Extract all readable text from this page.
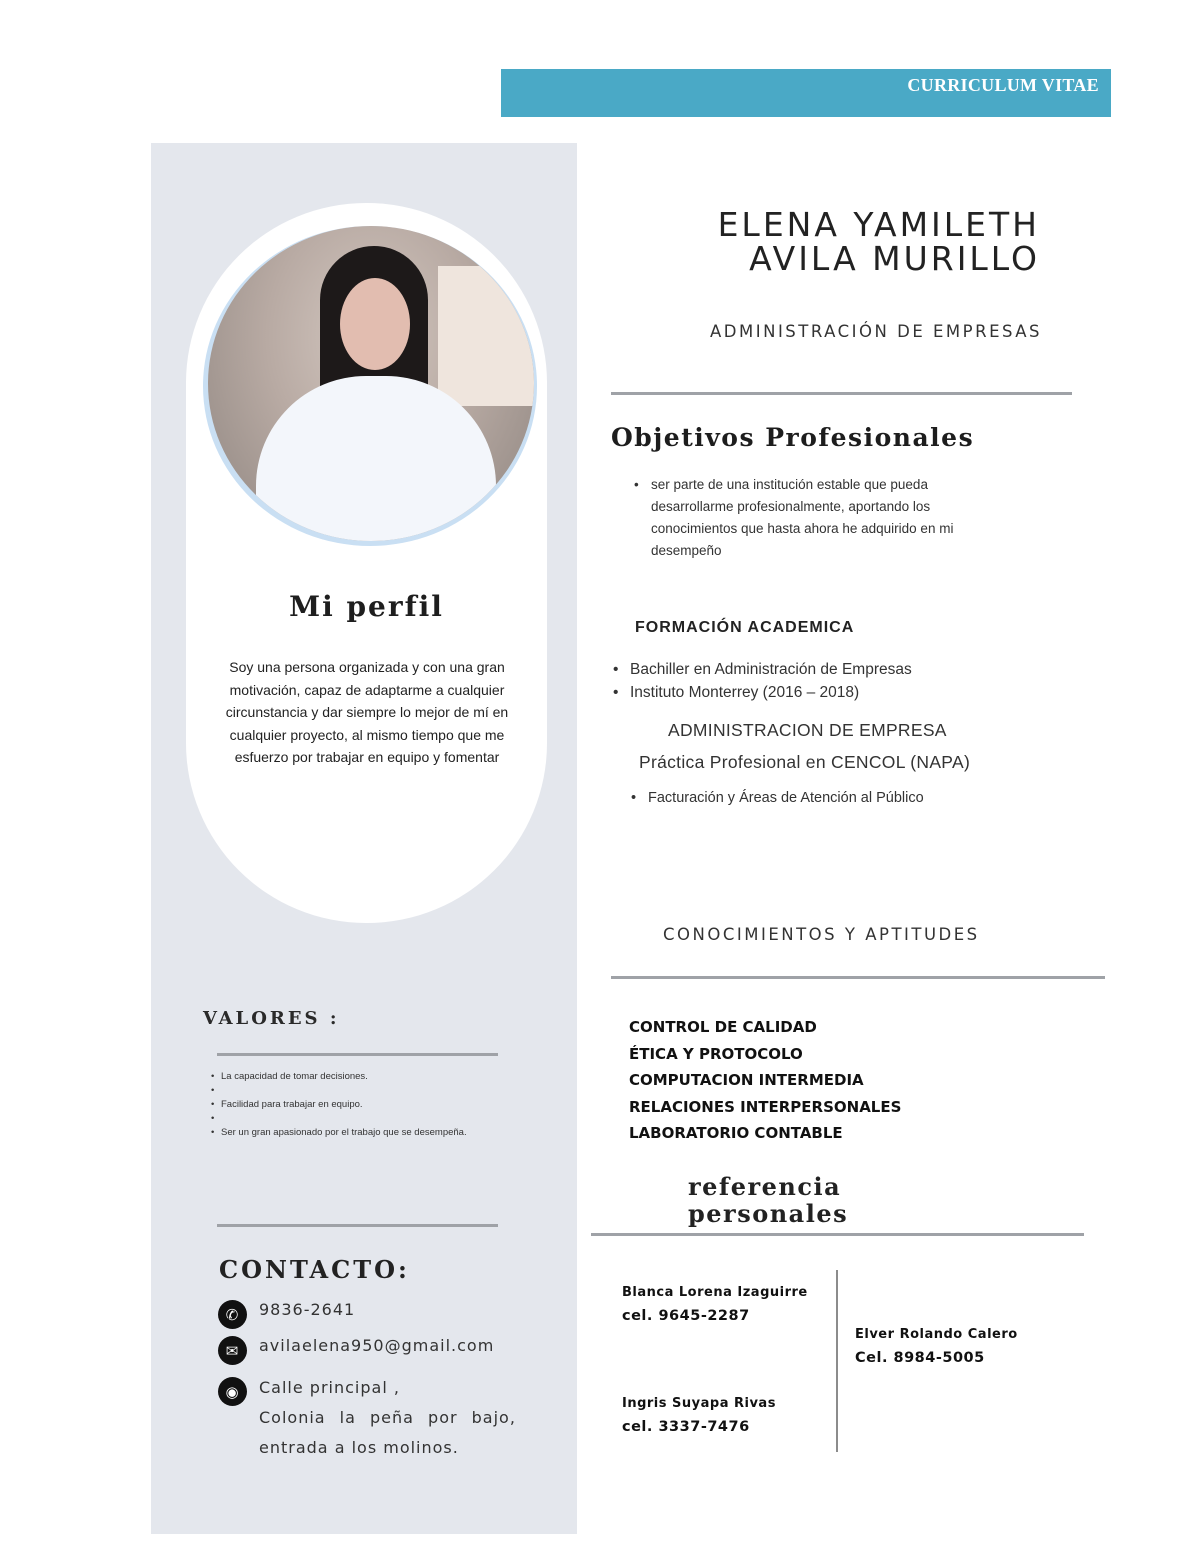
CURRICULUM VITAE
Mi perfil
Soy una persona organizada y con una gran motivación, capaz de adaptarme a cualquier circunstancia y dar siempre lo mejor de mí en cualquier proyecto, al mismo tiempo que me esfuerzo por trabajar en equipo y fomentar
VALORES :
• La capacidad de tomar decisiones.
•
• Facilidad para trabajar en equipo.
•
• Ser un gran apasionado por el trabajo que se desempeña.
CONTACTO:
✆	9836-2641
✉	avilaelena950@gmail.com
◉	Calle principal ,
Colonia la peña por bajo,
entrada a los molinos.
ELENA YAMILETH
AVILA MURILLO
ADMINISTRACIÓN DE EMPRESAS
Objetivos Profesionales
• ser parte de una institución estable que pueda desarrollarme profesionalmente, aportando los conocimientos que hasta ahora he adquirido en mi desempeño
FORMACIÓN ACADEMICA
• Bachiller en Administración de Empresas
• Instituto Monterrey (2016 – 2018)
ADMINISTRACION DE EMPRESA
Práctica Profesional en CENCOL (NAPA)
• Facturación y Áreas de Atención al Público
CONOCIMIENTOS Y APTITUDES
CONTROL DE CALIDAD
ÉTICA Y PROTOCOLO
COMPUTACION INTERMEDIA
RELACIONES INTERPERSONALES
LABORATORIO CONTABLE
referencia
personales
Blanca Lorena Izaguirre
cel. 9645-2287
Ingris Suyapa Rivas
cel. 3337-7476
Elver Rolando Calero
Cel. 8984-5005
